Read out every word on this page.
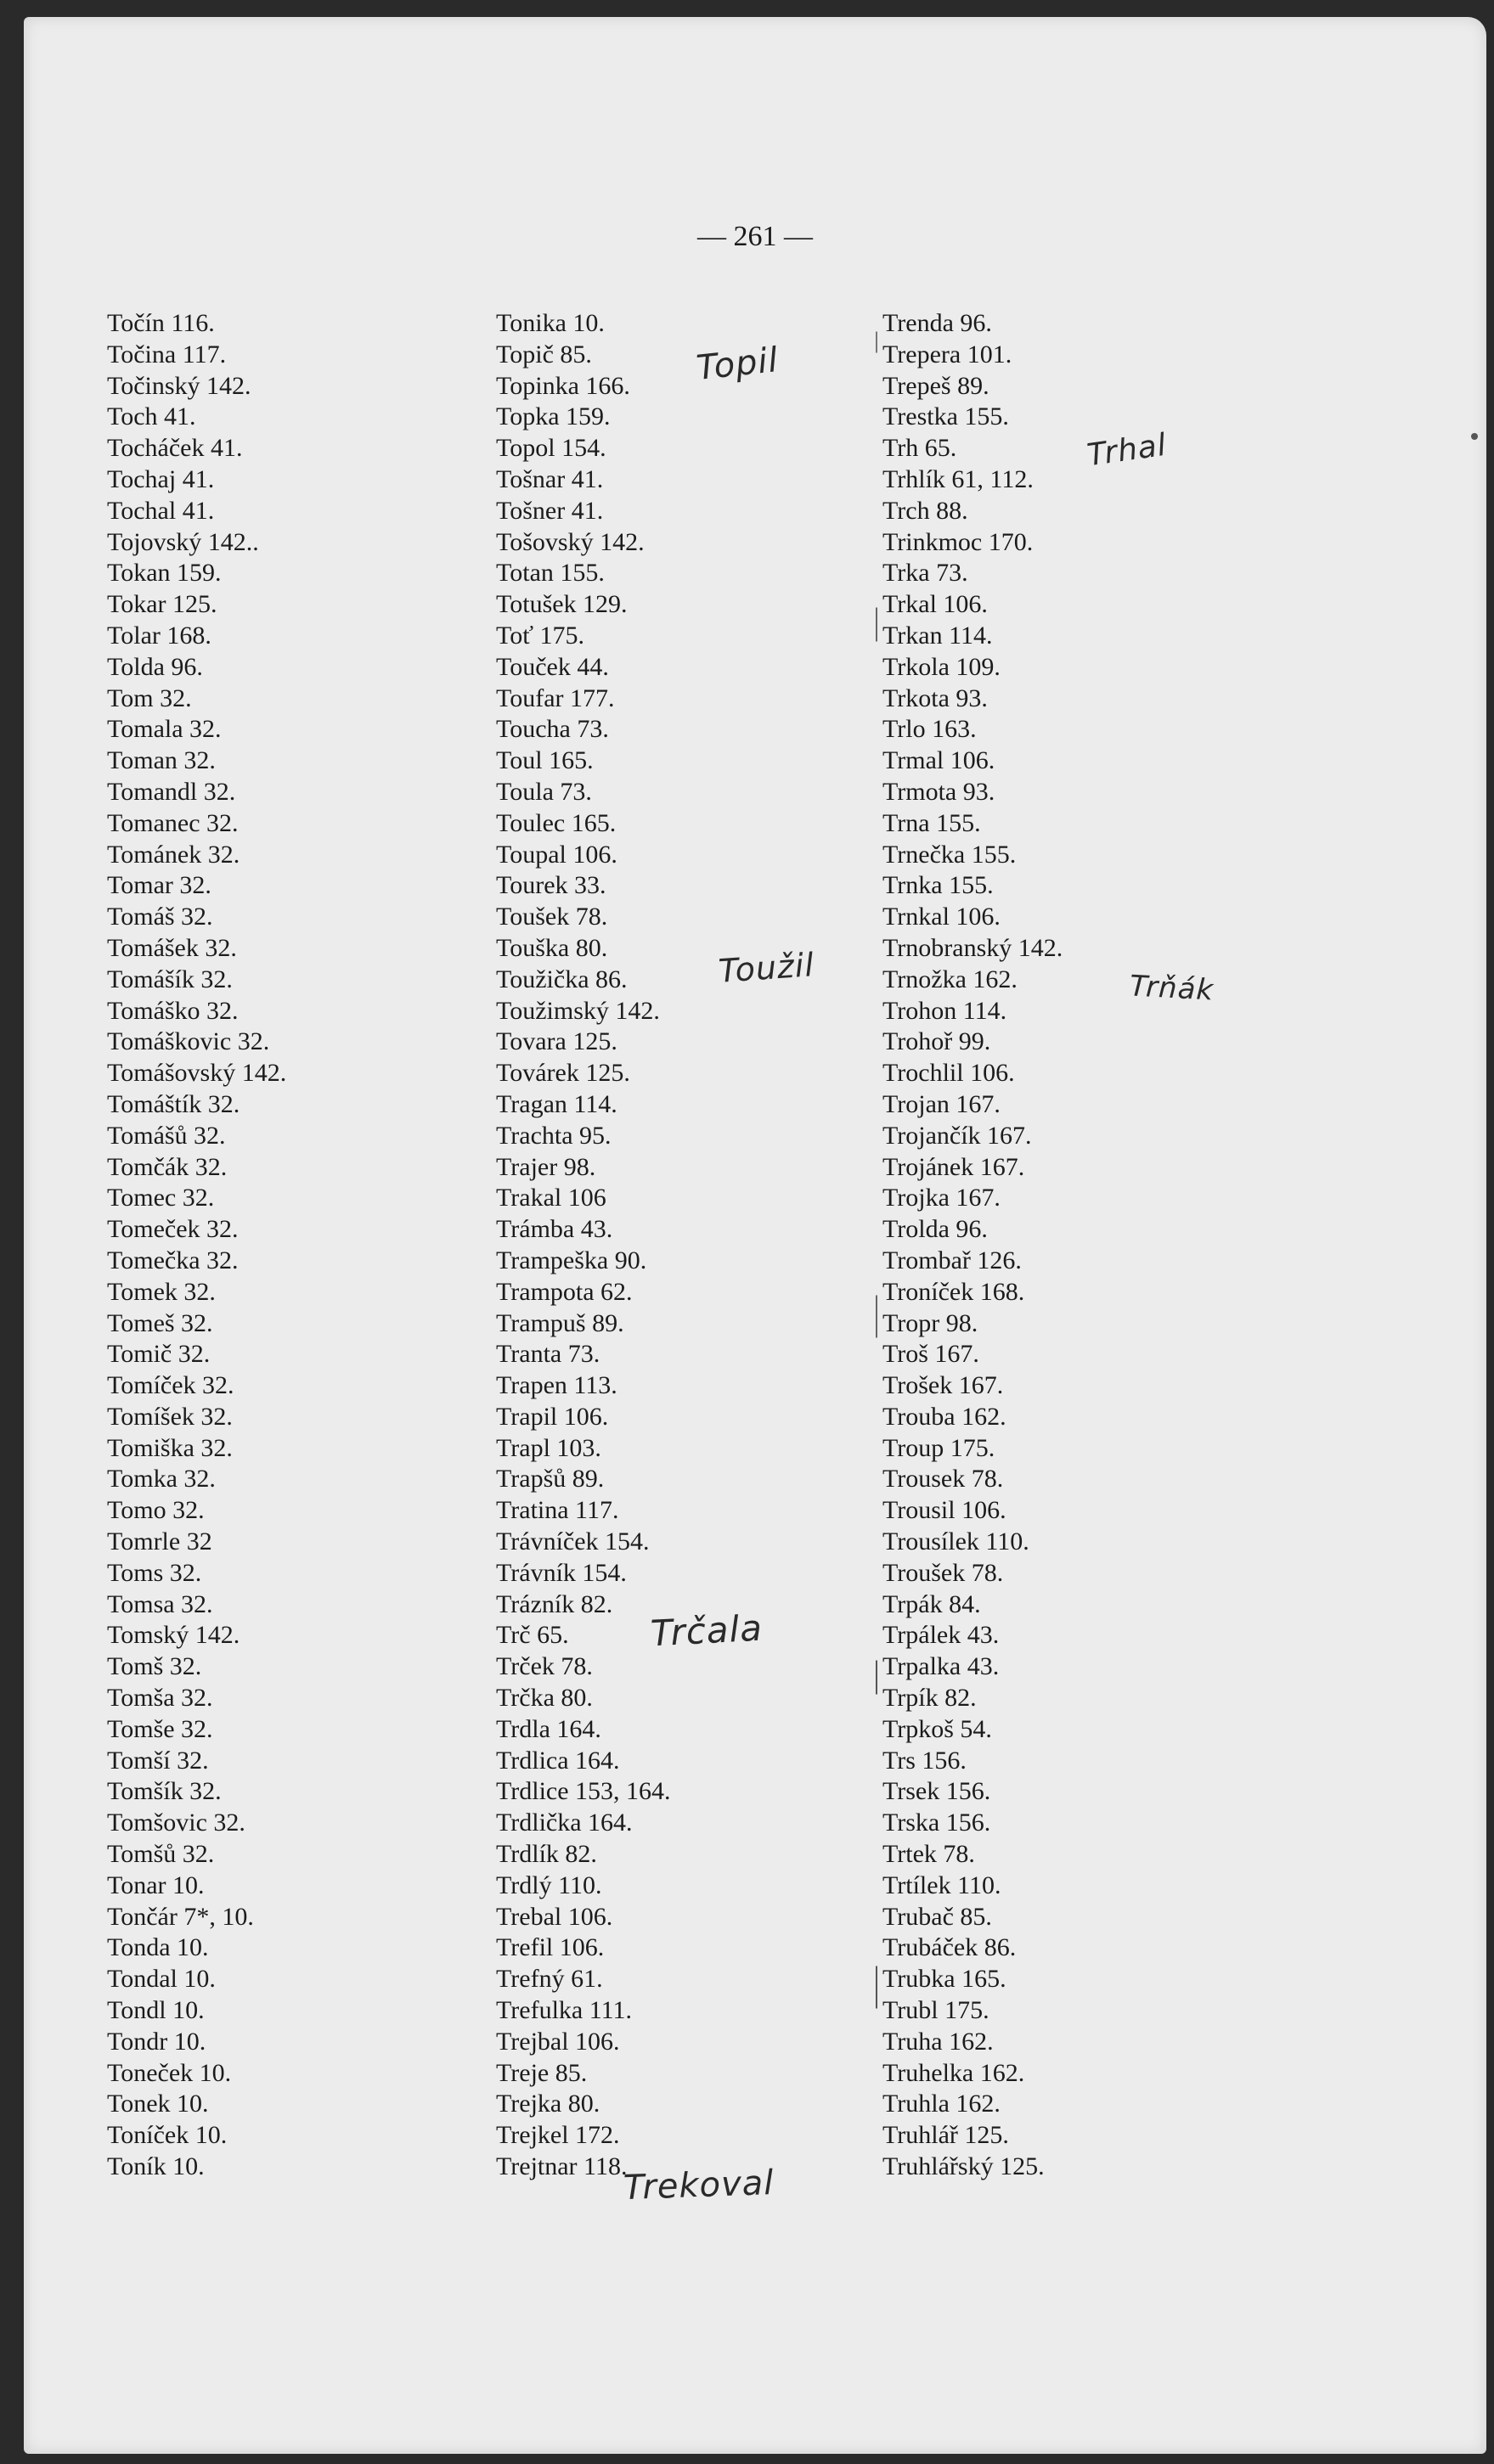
— 261 —
Točín 116.
Točina 117.
Točinský 142.
Toch 41.
Tocháček 41.
Tochaj 41.
Tochal 41.
Tojovský 142..
Tokan 159.
Tokar 125.
Tolar 168.
Tolda 96.
Tom 32.
Tomala 32.
Toman 32.
Tomandl 32.
Tomanec 32.
Tománek 32.
Tomar 32.
Tomáš 32.
Tomášek 32.
Tomášík 32.
Tomáško 32.
Tomáškovic 32.
Tomášovský 142.
Tomáštík 32.
Tomášů 32.
Tomčák 32.
Tomec 32.
Tomeček 32.
Tomečka 32.
Tomek 32.
Tomeš 32.
Tomič 32.
Tomíček 32.
Tomíšek 32.
Tomiška 32.
Tomka 32.
Tomo 32.
Tomrle 32
Toms 32.
Tomsa 32.
Tomský 142.
Tomš 32.
Tomša 32.
Tomše 32.
Tomší 32.
Tomšík 32.
Tomšovic 32.
Tomšů 32.
Tonar 10.
Tončár 7*, 10.
Tonda 10.
Tondal 10.
Tondl 10.
Tondr 10.
Toneček 10.
Tonek 10.
Toníček 10.
Toník 10.
Tonika 10.
Topič 85.
Topinka 166.
Topka 159.
Topol 154.
Tošnar 41.
Tošner 41.
Tošovský 142.
Totan 155.
Totušek 129.
Toť 175.
Touček 44.
Toufar 177.
Toucha 73.
Toul 165.
Toula 73.
Toulec 165.
Toupal 106.
Tourek 33.
Toušek 78.
Touška 80.
Toužička 86.
Toužimský 142.
Tovara 125.
Továrek 125.
Tragan 114.
Trachta 95.
Trajer 98.
Trakal 106
Trámba 43.
Trampeška 90.
Trampota 62.
Trampuš 89.
Tranta 73.
Trapen 113.
Trapil 106.
Trapl 103.
Trapšů 89.
Tratina 117.
Trávníček 154.
Trávník 154.
Trázník 82.
Trč 65.
Trček 78.
Trčka 80.
Trdla 164.
Trdlica 164.
Trdlice 153, 164.
Trdlička 164.
Trdlík 82.
Trdlý 110.
Trebal 106.
Trefil 106.
Trefný 61.
Trefulka 111.
Trejbal 106.
Treje 85.
Trejka 80.
Trejkel 172.
Trejtnar 118.
Trenda 96.
Trepera 101.
Trepeš 89.
Trestka 155.
Trh 65.
Trhlík 61, 112.
Trch 88.
Trinkmoc 170.
Trka 73.
Trkal 106.
Trkan 114.
Trkola 109.
Trkota 93.
Trlo 163.
Trmal 106.
Trmota 93.
Trna 155.
Trnečka 155.
Trnka 155.
Trnkal 106.
Trnobranský 142.
Trnožka 162.
Trohon 114.
Trohoř 99.
Trochlil 106.
Trojan 167.
Trojančík 167.
Trojánek 167.
Trojka 167.
Trolda 96.
Trombař 126.
Troníček 168.
Tropr 98.
Troš 167.
Trošek 167.
Trouba 162.
Troup 175.
Trousek 78.
Trousil 106.
Trousílek 110.
Troušek 78.
Trpák 84.
Trpálek 43.
Trpalka 43.
Trpík 82.
Trpkoš 54.
Trs 156.
Trsek 156.
Trska 156.
Trtek 78.
Trtílek 110.
Trubač 85.
Trubáček 86.
Trubka 165.
Trubl 175.
Truha 162.
Truhelka 162.
Truhla 162.
Truhlář 125.
Truhlářský 125.
Topil
Trhal
Toužil	Trňák
Trčala
Trekoval
